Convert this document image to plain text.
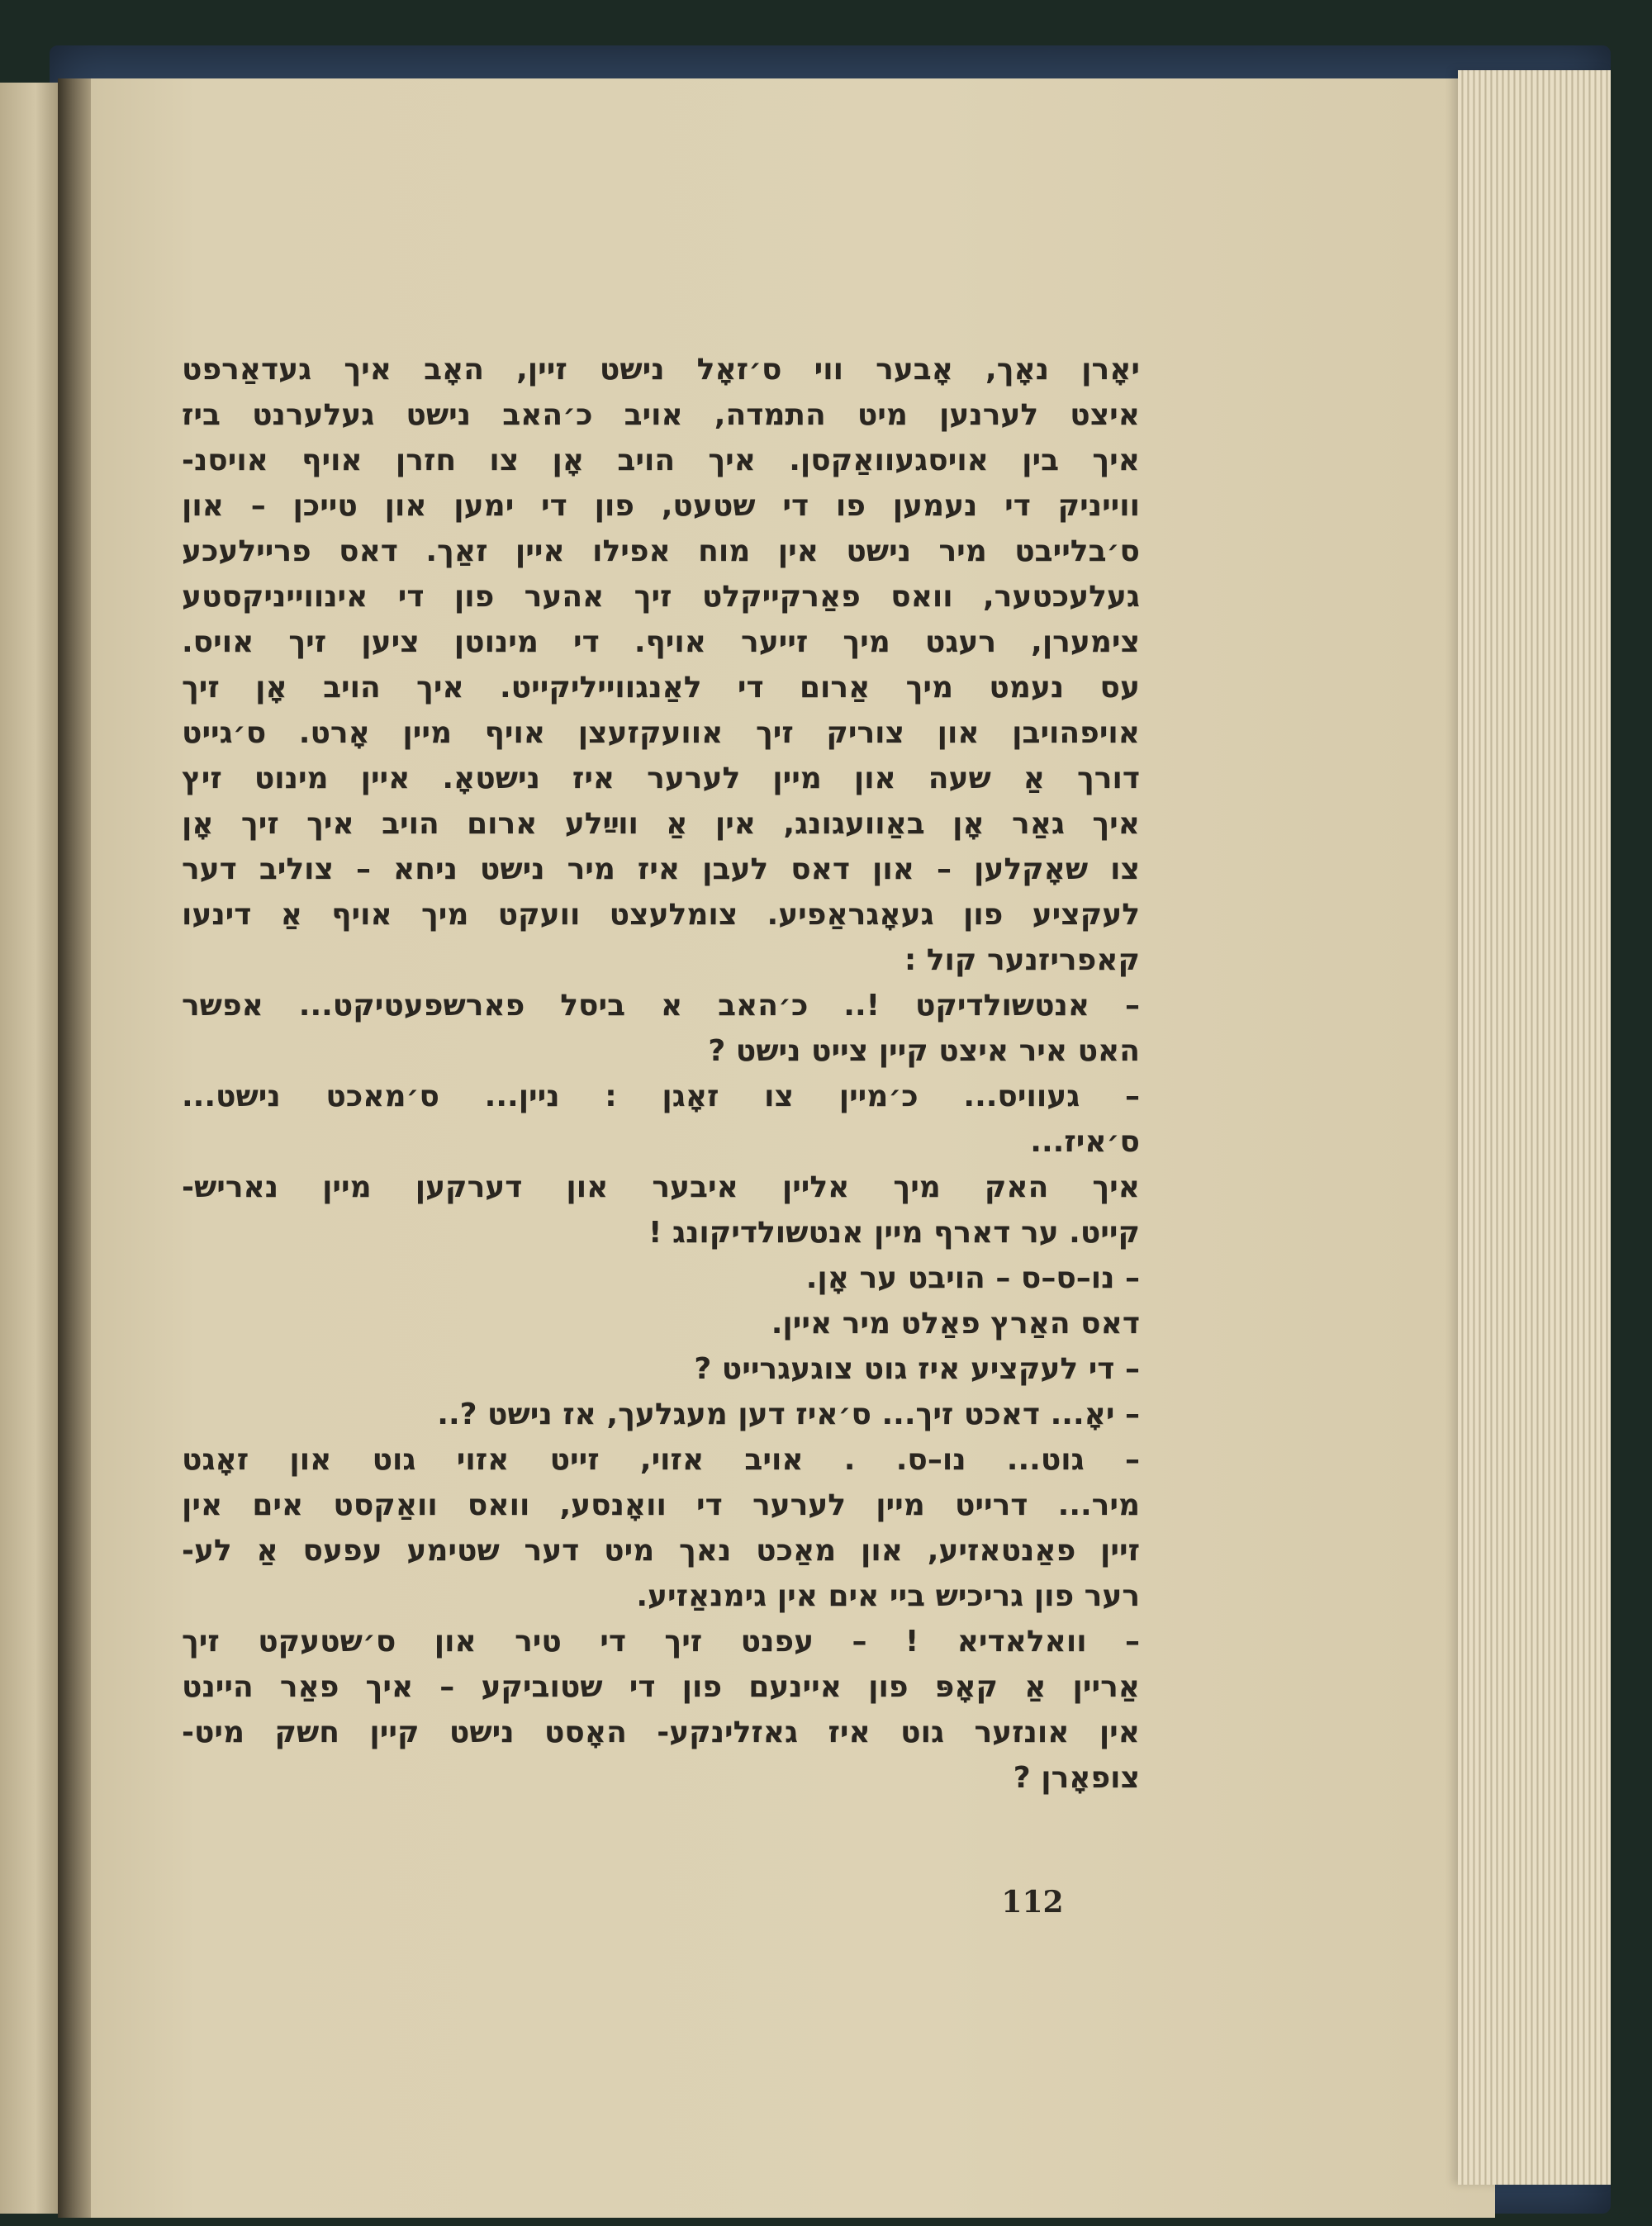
יאָרן נאָך, אָבער ווי ס׳זאָל נישט זיין, האָב איך געדאַרפט
איצט לערנען מיט התמדה, אויב כ׳האב נישט געלערנט ביז
איך בין אויסגעוואַקסן. איך הויב אָן צו חזרן אויף אויסנ-
ווייניק די נעמען פו די שטעט, פון די ימען און טייכן – און
ס׳בלייבט מיר נישט אין מוח אפילו איין זאַך. דאס פריילעכע
געלעכטער, וואס פאַרקייקלט זיך אהער פון די אינווייניקסטע
צימערן, רעגט מיך זייער אויף. די מינוטן ציען זיך אויס.
עס נעמט מיך אַרום די לאַנגווייליקייט. איך הויב אָן זיך
אויפהויבן און צוריק זיך אוועקזעצן אויף מיין אָרט. ס׳גייט
דורך אַ שעה און מיין לערער איז נישטאָ. איין מינוט זיץ
איך גאַר אָן באַוועגונג, אין אַ ווײַלע ארום הויב איך זיך אָן
צו שאָקלען – און דאס לעבן איז מיר נישט ניחא – צוליב דער
לעקציע פון געאָגראַפיע. צומלעצט וועקט מיך אויף אַ דינעו
קאפריזנער קול :
– אנטשולדיקט !.. כ׳האב א ביסל פארשפעטיקט... אפשר
האט איר איצט קיין צייט נישט ?
– געוויס... כ׳מיין צו זאָגן : ניין... ס׳מאכט נישט...
ס׳איז...
איך האק מיך אליין איבער און דערקען מיין נאריש-
קייט. ער דארף מיין אנטשולדיקונג !
– נו–ס–ס – הויבט ער אָן.
דאס האַרץ פאַלט מיר איין.
– די לעקציע איז גוט צוגעגרייט ?
– יאָ... דאכט זיך... ס׳איז דען מעגלעך, אז נישט ?..
– גוט... נו–ס. . אויב אזוי, זייט אזוי גוט און זאָגט
מיר... דרייט מיין לערער די וואָנסע, וואס וואַקסט אים אין
זיין פאַנטאזיע, און מאַכט נאך מיט דער שטימע עפעס אַ לע-
רער פון גריכיש ביי אים אין גימנאַזיע.
– וואלאדיא ! – עפנט זיך די טיר און ס׳שטעקט זיך
אַריין אַ קאָפּ פון איינעם פון די שטוביקע – איך פאַר היינט
אין אונזער גוט איז גאזלינקע- האָסט נישט קיין חשק מיט-
צופאָרן ?
112
